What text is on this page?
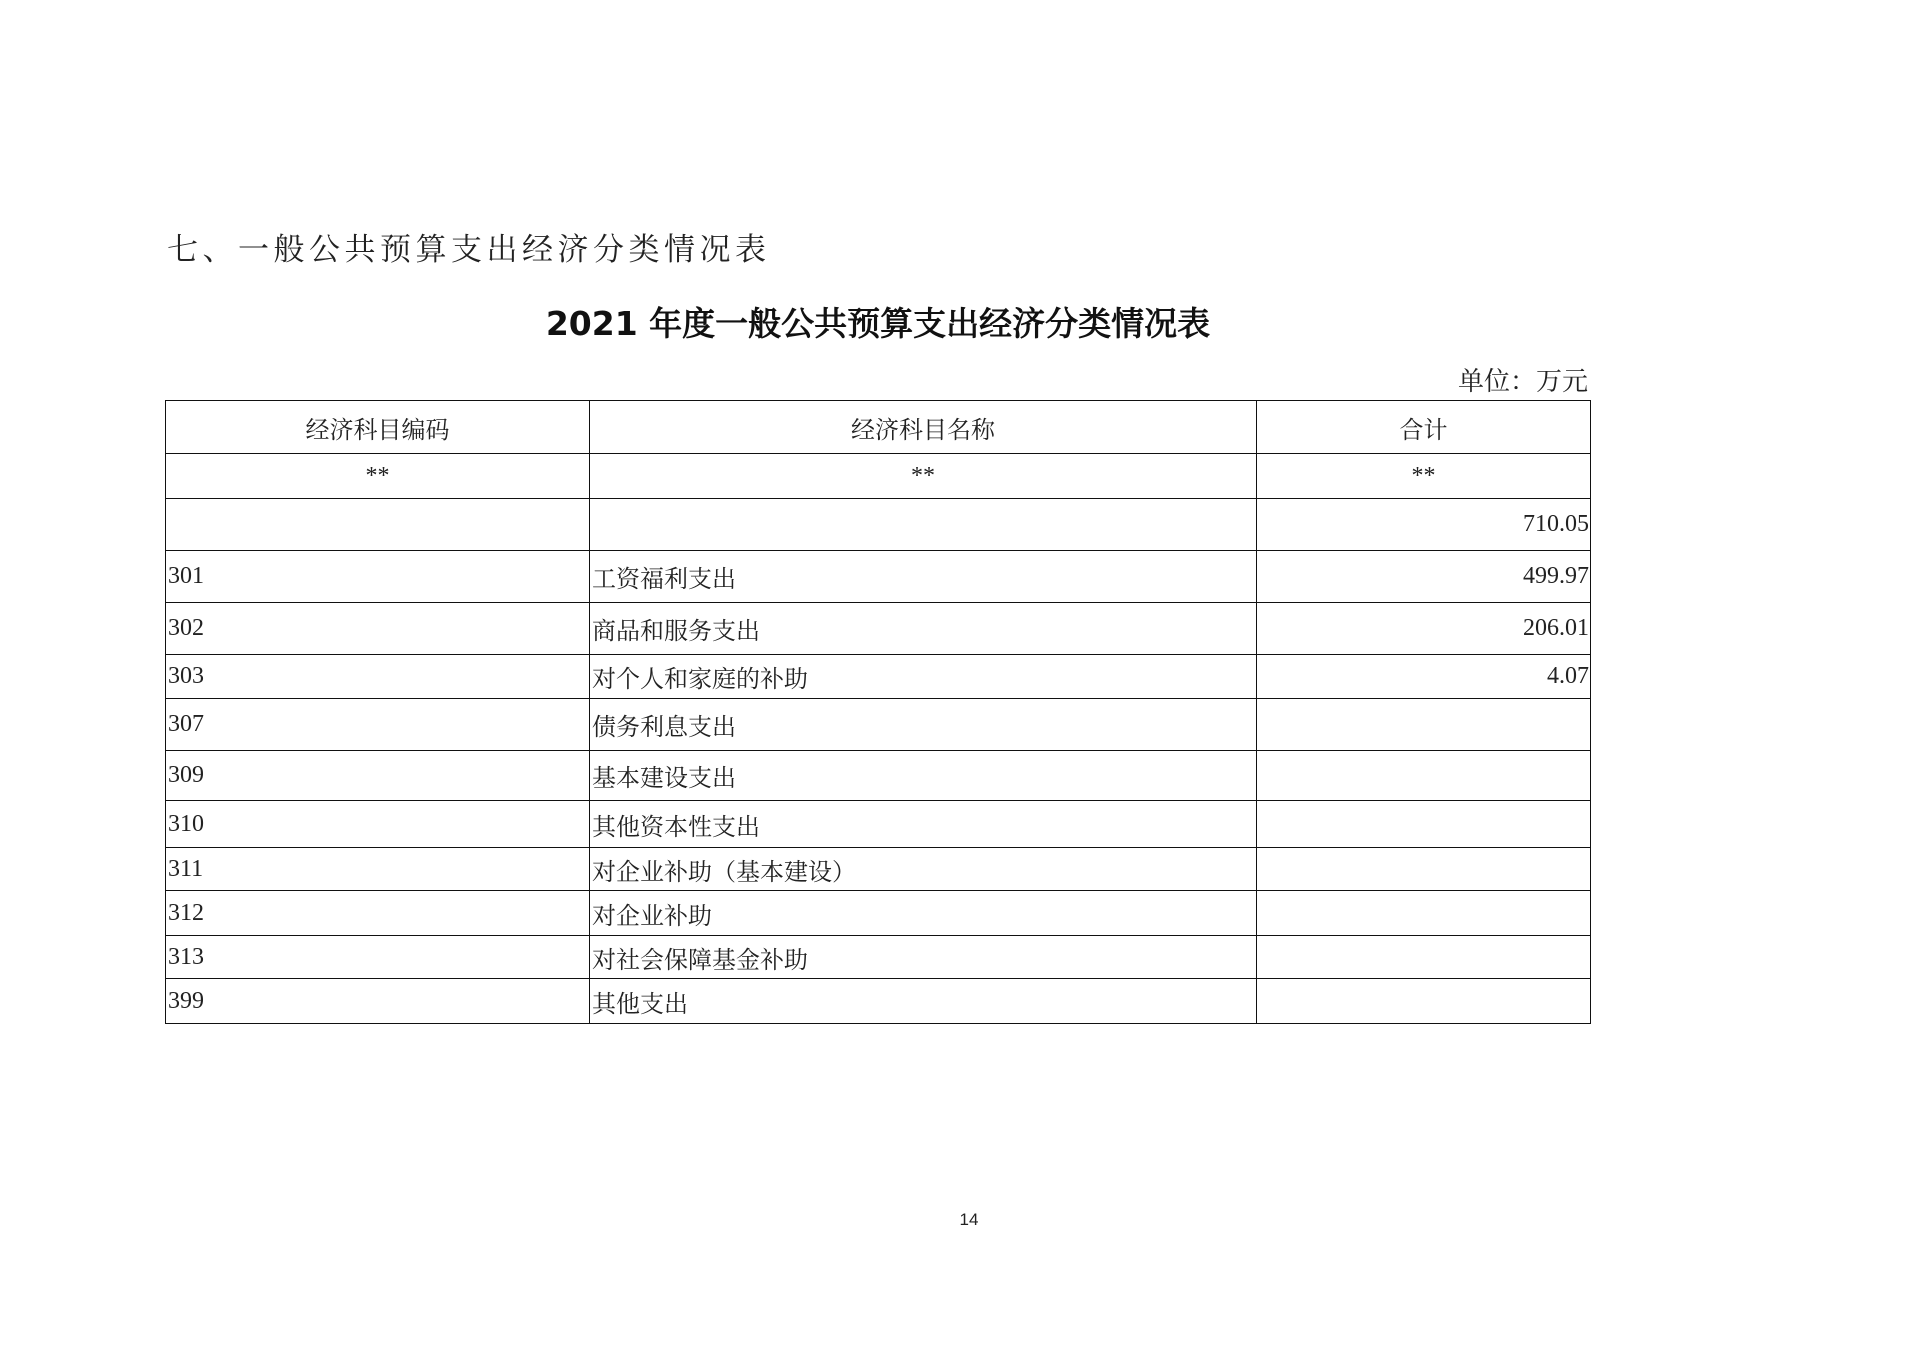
七、一般公共预算支出经济分类情况表
2021 年度一般公共预算支出经济分类情况表
单位：万元
经济科目编码	经济科目名称	合计
**	**	**
		710.05
301	工资福利支出	499.97
302	商品和服务支出	206.01
303	对个人和家庭的补助	4.07
307	债务利息支出	
309	基本建设支出	
310	其他资本性支出	
311	对企业补助（基本建设）	
312	对企业补助	
313	对社会保障基金补助	
399	其他支出	
14
